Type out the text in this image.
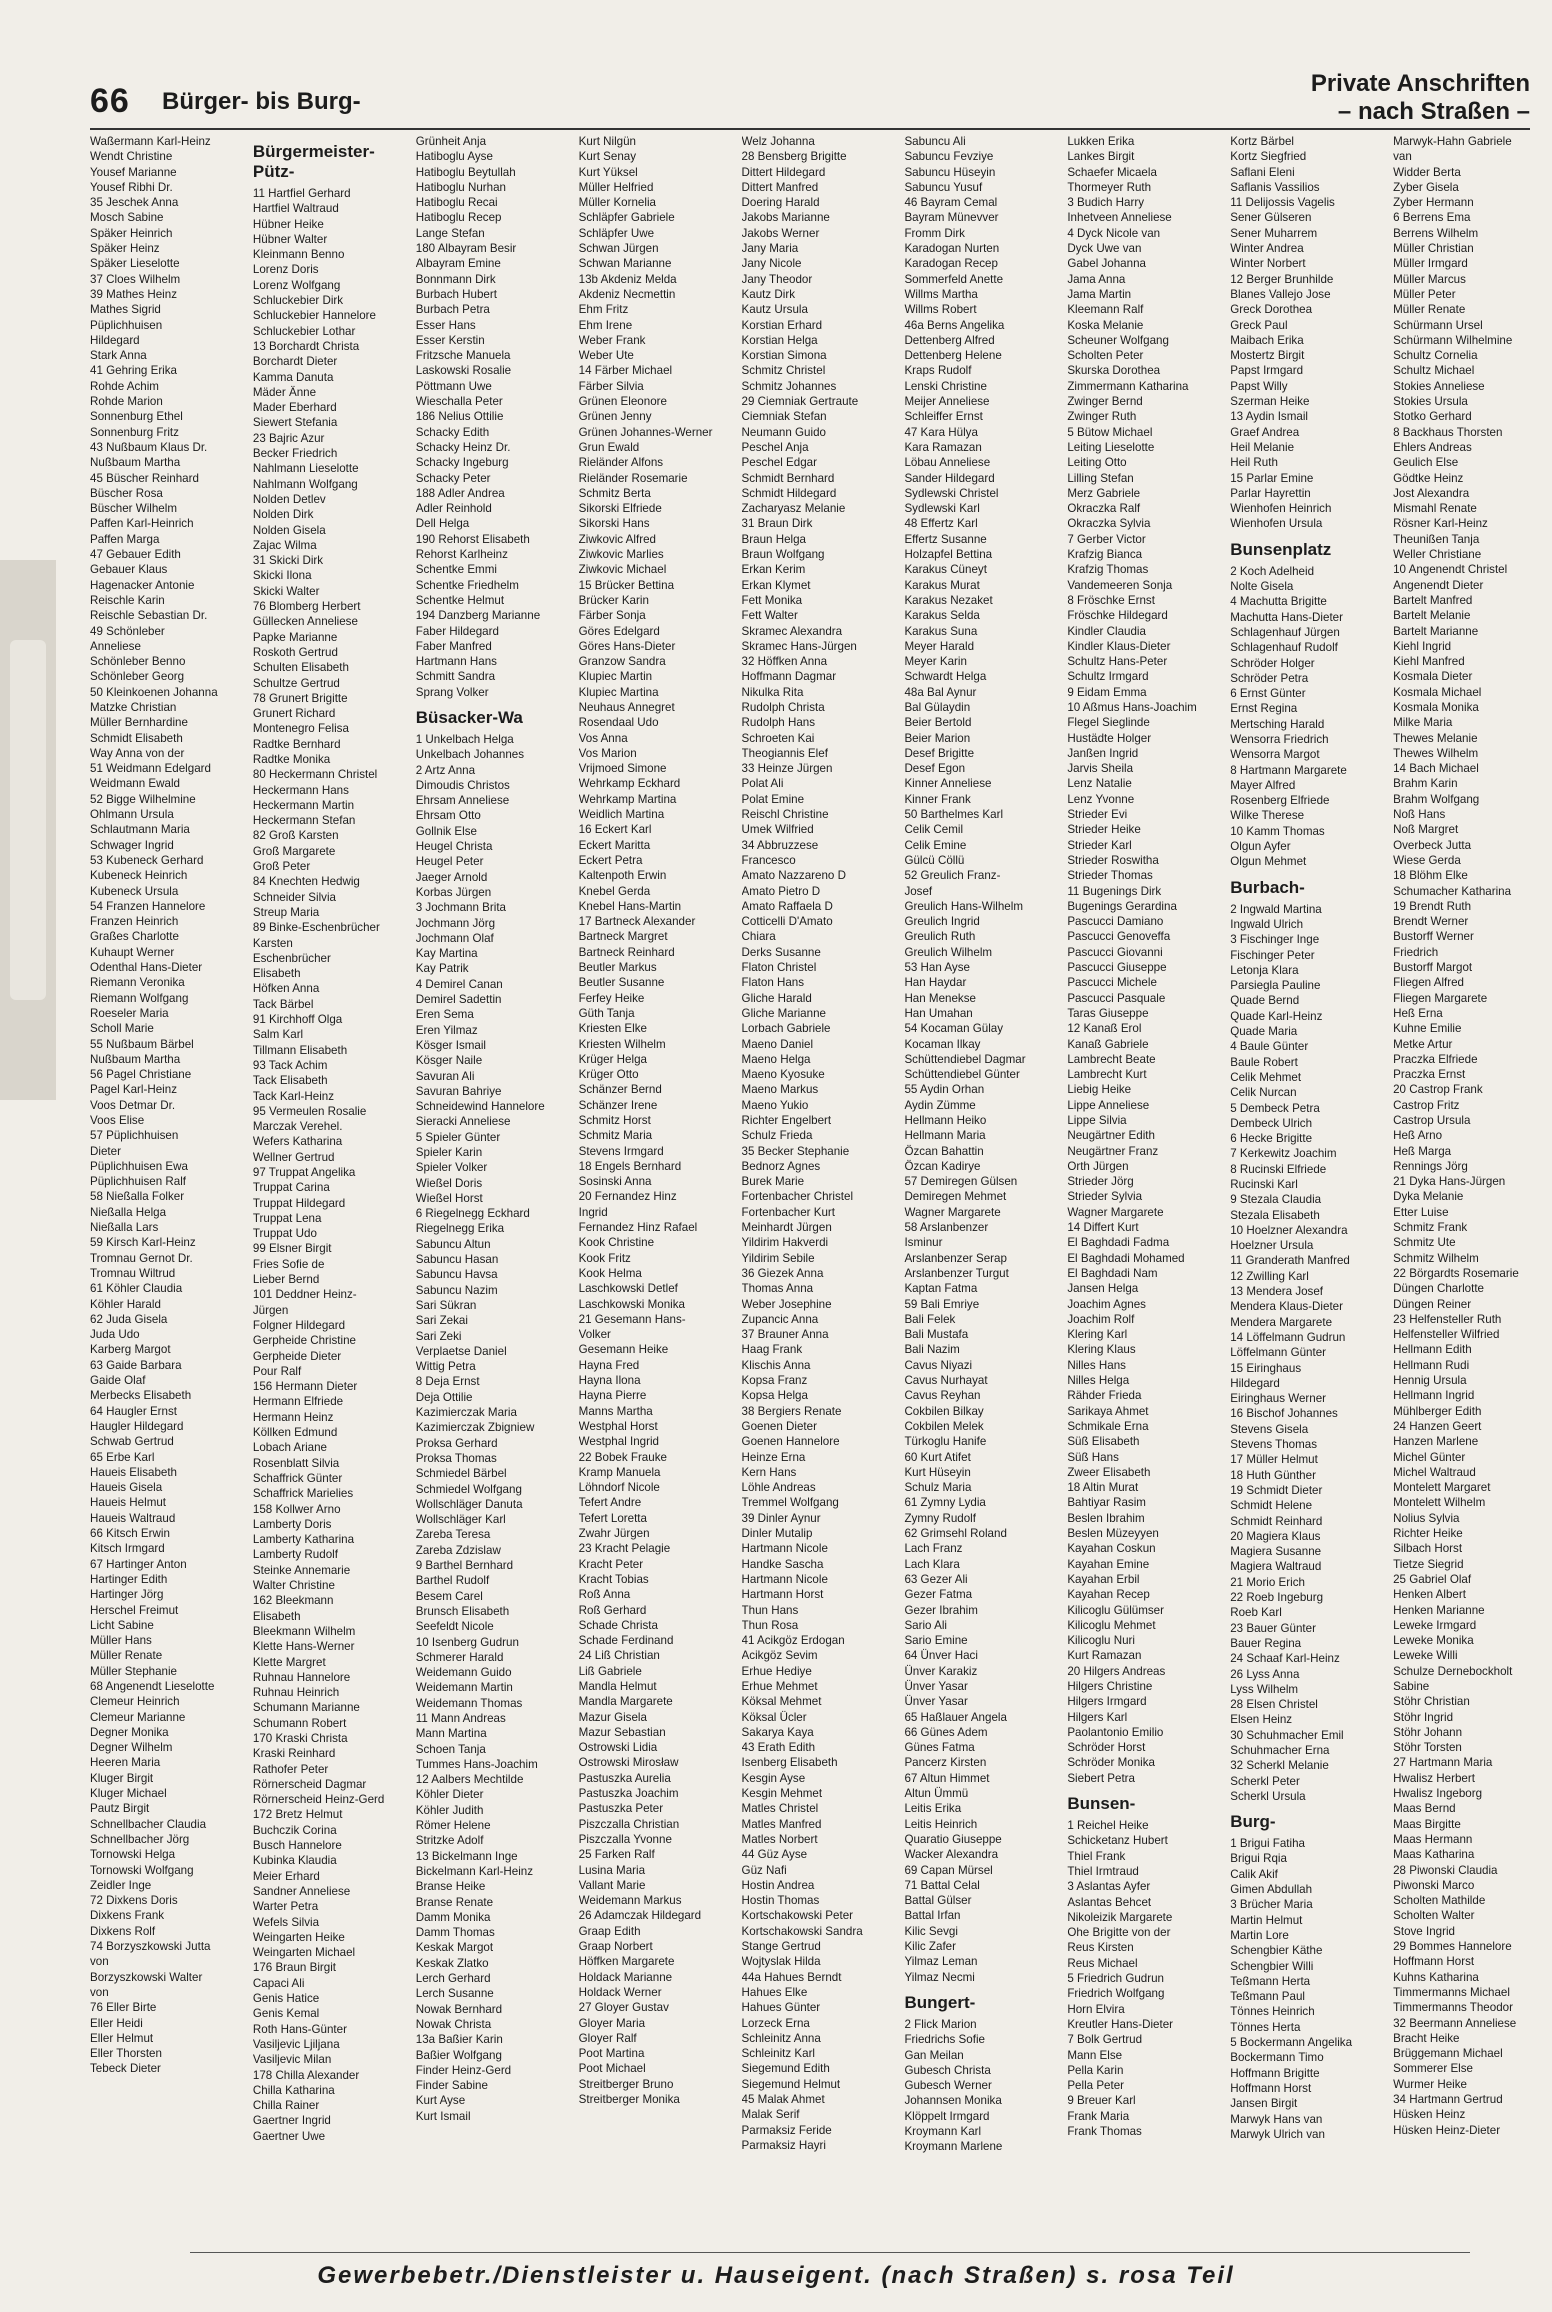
66 Bürger- bis Burg-
Private Anschriften
– nach Straßen –
Waßermann Karl-Heinz
Wendt Christine
Yousef Marianne
Yousef Ribhi Dr.
35 Jeschek Anna
Mosch Sabine
Späker Heinrich
Späker Heinz
Späker Lieselotte
37 Cloes Wilhelm
39 Mathes Heinz
Mathes Sigrid
Püplichhuisen
Hildegard
Stark Anna
41 Gehring Erika
Rohde Achim
Rohde Marion
Sonnenburg Ethel
Sonnenburg Fritz
43 Nußbaum Klaus Dr.
Nußbaum Martha
45 Büscher Reinhard
Büscher Rosa
Büscher Wilhelm
Paffen Karl-Heinrich
Paffen Marga
47 Gebauer Edith
Gebauer Klaus
Hagenacker Antonie
Reischle Karin
Reischle Sebastian Dr.
49 Schönleber
Anneliese
Schönleber Benno
Schönleber Georg
50 Kleinkoenen Johanna
Matzke Christian
Müller Bernhardine
Schmidt Elisabeth
Way Anna von der
51 Weidmann Edelgard
Weidmann Ewald
52 Bigge Wilhelmine
Ohlmann Ursula
Schlautmann Maria
Schwager Ingrid
53 Kubeneck Gerhard
Kubeneck Heinrich
Kubeneck Ursula
54 Franzen Hannelore
Franzen Heinrich
Graßes Charlotte
Kuhaupt Werner
Odenthal Hans-Dieter
Riemann Veronika
Riemann Wolfgang
Roeseler Maria
Scholl Marie
55 Nußbaum Bärbel
Nußbaum Martha
56 Pagel Christiane
Pagel Karl-Heinz
Voos Detmar Dr.
Voos Elise
57 Püplichhuisen
Dieter
Püplichhuisen Ewa
Püplichhuisen Ralf
58 Nießalla Folker
Nießalla Helga
Nießalla Lars
59 Kirsch Karl-Heinz
Tromnau Gernot Dr.
Tromnau Wiltrud
61 Köhler Claudia
Köhler Harald
62 Juda Gisela
Juda Udo
Karberg Margot
63 Gaide Barbara
Gaide Olaf
Merbecks Elisabeth
64 Haugler Ernst
Haugler Hildegard
Schwab Gertrud
65 Erbe Karl
Haueis Elisabeth
Haueis Gisela
Haueis Helmut
Haueis Waltraud
66 Kitsch Erwin
Kitsch Irmgard
67 Hartinger Anton
Hartinger Edith
Hartinger Jörg
Herschel Freimut
Licht Sabine
Müller Hans
Müller Renate
Müller Stephanie
68 Angenendt Lieselotte
Clemeur Heinrich
Clemeur Marianne
Degner Monika
Degner Wilhelm
Heeren Maria
Kluger Birgit
Kluger Michael
Pautz Birgit
Schnellbacher Claudia
Schnellbacher Jörg
Tornowski Helga
Tornowski Wolfgang
Zeidler Inge
72 Dixkens Doris
Dixkens Frank
Dixkens Rolf
74 Borzyszkowski Jutta
von
Borzyszkowski Walter
von
76 Eller Birte
Eller Heidi
Eller Helmut
Eller Thorsten
Tebeck Dieter
Bürgermeister-Pütz-
11 Hartfiel Gerhard
Hartfiel Waltraud
Hübner Heike
Hübner Walter
Kleinmann Benno
Lorenz Doris
Lorenz Wolfgang
Schluckebier Dirk
Schluckebier Hannelore
Schluckebier Lothar
13 Borchardt Christa
Borchardt Dieter
Kamma Danuta
Mäder Änne
Mader Eberhard
Siewert Stefania
23 Bajric Azur
Becker Friedrich
Nahlmann Lieselotte
Nahlmann Wolfgang
Nolden Detlev
Nolden Dirk
Nolden Gisela
Zajac Wilma
31 Skicki Dirk
Skicki Ilona
Skicki Walter
76 Blomberg Herbert
Güllecken Anneliese
Papke Marianne
Roskoth Gertrud
Schulten Elisabeth
Schultze Gertrud
78 Grunert Brigitte
Grunert Richard
Montenegro Felisa
Radtke Bernhard
Radtke Monika
80 Heckermann Christel
Heckermann Hans
Heckermann Martin
Heckermann Stefan
82 Groß Karsten
Groß Margarete
Groß Peter
84 Knechten Hedwig
Schneider Silvia
Streup Maria
89 Binke-Eschenbrücher
Karsten
Eschenbrücher
Elisabeth
Höfken Anna
Tack Bärbel
91 Kirchhoff Olga
Salm Karl
Tillmann Elisabeth
93 Tack Achim
Tack Elisabeth
Tack Karl-Heinz
95 Vermeulen Rosalie
Marczak Verehel.
Wefers Katharina
Wellner Gertrud
97 Truppat Angelika
Truppat Carina
Truppat Hildegard
Truppat Lena
Truppat Udo
99 Elsner Birgit
Fries Sofie de
Lieber Bernd
101 Deddner Heinz-
Jürgen
Folgner Hildegard
Gerpheide Christine
Gerpheide Dieter
Pour Ralf
156 Hermann Dieter
Hermann Elfriede
Hermann Heinz
Köllken Edmund
Lobach Ariane
Rosenblatt Silvia
Schaffrick Günter
Schaffrick Marielies
158 Kollwer Arno
Lamberty Doris
Lamberty Katharina
Lamberty Rudolf
Steinke Annemarie
Walter Christine
162 Bleekmann
Elisabeth
Bleekmann Wilhelm
Klette Hans-Werner
Klette Margret
Ruhnau Hannelore
Ruhnau Heinrich
Schumann Marianne
Schumann Robert
170 Kraski Christa
Kraski Reinhard
Rathofer Peter
Rörnerscheid Dagmar
Rörnerscheid Heinz-Gerd
172 Bretz Helmut
Buchczik Corina
Busch Hannelore
Kubinka Klaudia
Meier Erhard
Sandner Anneliese
Warter Petra
Wefels Silvia
Weingarten Heike
Weingarten Michael
176 Braun Birgit
Capaci Ali
Genis Hatice
Genis Kemal
Roth Hans-Günter
Vasiljevic Ljiljana
Vasiljevic Milan
178 Chilla Alexander
Chilla Katharina
Chilla Rainer
Gaertner Ingrid
Gaertner Uwe
Grünheit Anja
Hatiboglu Ayse
Hatiboglu Beytullah
Hatiboglu Nurhan
Hatiboglu Recai
Hatiboglu Recep
Lange Stefan
180 Albayram Besir
Albayram Emine
Bonnmann Dirk
Burbach Hubert
Burbach Petra
Esser Hans
Esser Kerstin
Fritzsche Manuela
Laskowski Rosalie
Pöttmann Uwe
Wieschalla Peter
186 Nelius Ottilie
Schacky Edith
Schacky Heinz Dr.
Schacky Ingeburg
Schacky Peter
188 Adler Andrea
Adler Reinhold
Dell Helga
190 Rehorst Elisabeth
Rehorst Karlheinz
Schentke Emmi
Schentke Friedhelm
Schentke Helmut
194 Danzberg Marianne
Faber Hildegard
Faber Manfred
Hartmann Hans
Schmitt Sandra
Sprang Volker
Büsacker-Wa
1 Unkelbach Helga
Unkelbach Johannes
2 Artz Anna
Dimoudis Christos
Ehrsam Anneliese
Ehrsam Otto
Gollnik Else
Heugel Christa
Heugel Peter
Jaeger Arnold
Korbas Jürgen
3 Jochmann Brita
Jochmann Jörg
Jochmann Olaf
Kay Martina
Kay Patrik
4 Demirel Canan
Demirel Sadettin
Eren Sema
Eren Yilmaz
Kösger Ismail
Kösger Naile
Savuran Ali
Savuran Bahriye
Schneidewind Hannelore
Sieracki Anneliese
5 Spieler Günter
Spieler Karin
Spieler Volker
Wießel Doris
Wießel Horst
6 Riegelnegg Eckhard
Riegelnegg Erika
Sabuncu Altun
Sabuncu Hasan
Sabuncu Havsa
Sabuncu Nazim
Sari Sükran
Sari Zekai
Sari Zeki
Verplaetse Daniel
Wittig Petra
8 Deja Ernst
Deja Ottilie
Kazimierczak Maria
Kazimierczak Zbigniew
Proksa Gerhard
Proksa Thomas
Schmiedel Bärbel
Schmiedel Wolfgang
Wollschläger Danuta
Wollschläger Karl
Zareba Teresa
Zareba Zdzislaw
9 Barthel Bernhard
Barthel Rudolf
Besem Carel
Brunsch Elisabeth
Seefeldt Nicole
10 Isenberg Gudrun
Schmerer Harald
Weidemann Guido
Weidemann Martin
Weidemann Thomas
11 Mann Andreas
Mann Martina
Schoen Tanja
Tummes Hans-Joachim
12 Aalbers Mechtilde
Köhler Dieter
Köhler Judith
Römer Helene
Stritzke Adolf
13 Bickelmann Inge
Bickelmann Karl-Heinz
Branse Heike
Branse Renate
Damm Monika
Damm Thomas
Keskak Margot
Keskak Zlatko
Lerch Gerhard
Lerch Susanne
Nowak Bernhard
Nowak Christa
13a Baßier Karin
Baßier Wolfgang
Finder Heinz-Gerd
Finder Sabine
Kurt Ayse
Kurt Ismail
Kurt Nilgün
Kurt Senay
Kurt Yüksel
Müller Helfried
Müller Kornelia
Schläpfer Gabriele
Schläpfer Uwe
Schwan Jürgen
Schwan Marianne
13b Akdeniz Melda
Akdeniz Necmettin
Ehm Fritz
Ehm Irene
Weber Frank
Weber Ute
14 Färber Michael
Färber Silvia
Grünen Eleonore
Grünen Jenny
Grünen Johannes-Werner
Grun Ewald
Rieländer Alfons
Rieländer Rosemarie
Schmitz Berta
Sikorski Elfriede
Sikorski Hans
Ziwkovic Alfred
Ziwkovic Marlies
Ziwkovic Michael
15 Brücker Bettina
Brücker Karin
Färber Sonja
Göres Edelgard
Göres Hans-Dieter
Granzow Sandra
Klupiec Martin
Klupiec Martina
Neuhaus Annegret
Rosendaal Udo
Vos Anna
Vos Marion
Vrijmoed Simone
Wehrkamp Eckhard
Wehrkamp Martina
Weidlich Martina
16 Eckert Karl
Eckert Maritta
Eckert Petra
Kaltenpoth Erwin
Knebel Gerda
Knebel Hans-Martin
17 Bartneck Alexander
Bartneck Margret
Bartneck Reinhard
Beutler Markus
Beutler Susanne
Ferfey Heike
Güth Tanja
Kriesten Elke
Kriesten Wilhelm
Krüger Helga
Krüger Otto
Schänzer Bernd
Schänzer Irene
Schmitz Horst
Schmitz Maria
Stevens Irmgard
18 Engels Bernhard
Sosinski Anna
20 Fernandez Hinz
Ingrid
Fernandez Hinz Rafael
Kook Christine
Kook Fritz
Kook Helma
Laschkowski Detlef
Laschkowski Monika
21 Gesemann Hans-
Volker
Gesemann Heike
Hayna Fred
Hayna Ilona
Hayna Pierre
Manns Martha
Westphal Horst
Westphal Ingrid
22 Bobek Frauke
Kramp Manuela
Löhndorf Nicole
Tefert Andre
Tefert Loretta
Zwahr Jürgen
23 Kracht Pelagie
Kracht Peter
Kracht Tobias
Roß Anna
Roß Gerhard
Schade Christa
Schade Ferdinand
24 Liß Christian
Liß Gabriele
Mandla Helmut
Mandla Margarete
Mazur Gisela
Mazur Sebastian
Ostrowski Lidia
Ostrowski Mirosław
Pastuszka Aurelia
Pastuszka Joachim
Pastuszka Peter
Piszczalla Christian
Piszczalla Yvonne
25 Farken Ralf
Lusina Maria
Vallant Marie
Weidemann Markus
26 Adamczak Hildegard
Graap Edith
Graap Norbert
Höffken Margarete
Holdack Marianne
Holdack Werner
27 Gloyer Gustav
Gloyer Maria
Gloyer Ralf
Poot Martina
Poot Michael
Streitberger Bruno
Streitberger Monika
Welz Johanna
28 Bensberg Brigitte
Dittert Hildegard
Dittert Manfred
Doering Harald
Jakobs Marianne
Jakobs Werner
Jany Maria
Jany Nicole
Jany Theodor
Kautz Dirk
Kautz Ursula
Korstian Erhard
Korstian Helga
Korstian Simona
Schmitz Christel
Schmitz Johannes
29 Ciemniak Gertraute
Ciemniak Stefan
Neumann Guido
Peschel Anja
Peschel Edgar
Schmidt Bernhard
Schmidt Hildegard
Zacharyasz Melanie
31 Braun Dirk
Braun Helga
Braun Wolfgang
Erkan Kerim
Erkan Klymet
Fett Monika
Fett Walter
Skramec Alexandra
Skramec Hans-Jürgen
32 Höffken Anna
Hoffmann Dagmar
Nikulka Rita
Rudolph Christa
Rudolph Hans
Schroeten Kai
Theogiannis Elef
33 Heinze Jürgen
Polat Ali
Polat Emine
Reischl Christine
Umek Wilfried
34 Abbruzzese
Francesco
Amato Nazzareno D
Amato Pietro D
Amato Raffaela D
Cotticelli D'Amato
Chiara
Derks Susanne
Flaton Christel
Flaton Hans
Gliche Harald
Gliche Marianne
Lorbach Gabriele
Maeno Daniel
Maeno Helga
Maeno Kyosuke
Maeno Markus
Maeno Yukio
Richter Engelbert
Schulz Frieda
35 Becker Stephanie
Bednorz Agnes
Burek Marie
Fortenbacher Christel
Fortenbacher Kurt
Meinhardt Jürgen
Yildirim Hakverdi
Yildirim Sebile
36 Giezek Anna
Thomas Anna
Weber Josephine
Zupancic Anna
37 Brauner Anna
Haag Frank
Klischis Anna
Kopsa Franz
Kopsa Helga
38 Bergiers Renate
Goenen Dieter
Goenen Hannelore
Heinze Erna
Kern Hans
Löhle Andreas
Tremmel Wolfgang
39 Dinler Aynur
Dinler Mutalip
Hartmann Nicole
Handke Sascha
Hartmann Nicole
Hartmann Horst
Thun Hans
Thun Rosa
41 Acikgöz Erdogan
Acikgöz Sevim
Erhue Hediye
Erhue Mehmet
Köksal Mehmet
Köksal Ücler
Sakarya Kaya
43 Erath Edith
Isenberg Elisabeth
Kesgin Ayse
Kesgin Mehmet
Matles Christel
Matles Manfred
Matles Norbert
44 Güz Ayse
Güz Nafi
Hostin Andrea
Hostin Thomas
Kortschakowski Peter
Kortschakowski Sandra
Stange Gertrud
Wojtyslak Hilda
44a Hahues Berndt
Hahues Elke
Hahues Günter
Lorzeck Erna
Schleinitz Anna
Schleinitz Karl
Siegemund Edith
Siegemund Helmut
45 Malak Ahmet
Malak Serif
Parmaksiz Feride
Parmaksiz Hayri
Sabuncu Ali
Sabuncu Fevziye
Sabuncu Hüseyin
Sabuncu Yusuf
46 Bayram Cemal
Bayram Münevver
Fromm Dirk
Karadogan Nurten
Karadogan Recep
Sommerfeld Anette
Willms Martha
Willms Robert
46a Berns Angelika
Dettenberg Alfred
Dettenberg Helene
Kraps Rudolf
Lenski Christine
Meijer Anneliese
Schleiffer Ernst
47 Kara Hülya
Kara Ramazan
Löbau Anneliese
Sander Hildegard
Sydlewski Christel
Sydlewski Karl
48 Effertz Karl
Effertz Susanne
Holzapfel Bettina
Karakus Cüneyt
Karakus Murat
Karakus Nezaket
Karakus Selda
Karakus Suna
Meyer Harald
Meyer Karin
Schwardt Helga
48a Bal Aynur
Bal Gülaydin
Beier Bertold
Beier Marion
Desef Brigitte
Desef Egon
Kinner Anneliese
Kinner Frank
50 Barthelmes Karl
Celik Cemil
Celik Emine
Gülcü Cöllü
52 Greulich Franz-
Josef
Greulich Hans-Wilhelm
Greulich Ingrid
Greulich Ruth
Greulich Wilhelm
53 Han Ayse
Han Haydar
Han Menekse
Han Umahan
54 Kocaman Gülay
Kocaman Ilkay
Schüttendiebel Dagmar
Schüttendiebel Günter
55 Aydin Orhan
Aydin Zümme
Hellmann Heiko
Hellmann Maria
Özcan Bahattin
Özcan Kadirye
57 Demiregen Gülsen
Demiregen Mehmet
Wagner Margarete
58 Arslanbenzer
Isminur
Arslanbenzer Serap
Arslanbenzer Turgut
Kaptan Fatma
59 Bali Emriye
Bali Felek
Bali Mustafa
Bali Nazim
Cavus Niyazi
Cavus Nurhayat
Cavus Reyhan
Cokbilen Bilkay
Cokbilen Melek
Türkoglu Hanife
60 Kurt Atifet
Kurt Hüseyin
Schulz Maria
61 Zymny Lydia
Zymny Rudolf
62 Grimsehl Roland
Lach Franz
Lach Klara
63 Gezer Ali
Gezer Fatma
Gezer Ibrahim
Sario Ali
Sario Emine
64 Ünver Haci
Ünver Karakiz
Ünver Yasar
Ünver Yasar
65 Haßlauer Angela
66 Günes Adem
Günes Fatma
Pancerz Kirsten
67 Altun Himmet
Altun Ümmü
Leitis Erika
Leitis Heinrich
Quaratio Giuseppe
Wacker Alexandra
69 Capan Mürsel
71 Battal Celal
Battal Gülser
Battal Irfan
Kilic Sevgi
Kilic Zafer
Yilmaz Leman
Yilmaz Necmi
Bungert-
2 Flick Marion
Friedrichs Sofie
Gan Meilan
Gubesch Christa
Gubesch Werner
Johannsen Monika
Klöppelt Irmgard
Kroymann Karl
Kroymann Marlene
Lukken Erika
Lankes Birgit
Schaefer Micaela
Thormeyer Ruth
3 Budich Harry
Inhetveen Anneliese
4 Dyck Nicole van
Dyck Uwe van
Gabel Johanna
Jama Anna
Jama Martin
Kleemann Ralf
Koska Melanie
Scheuner Wolfgang
Scholten Peter
Skurska Dorothea
Zimmermann Katharina
Zwinger Bernd
Zwinger Ruth
5 Bütow Michael
Leiting Lieselotte
Leiting Otto
Lilling Stefan
Merz Gabriele
Okraczka Ralf
Okraczka Sylvia
7 Gerber Victor
Krafzig Bianca
Krafzig Thomas
Vandemeeren Sonja
8 Fröschke Ernst
Fröschke Hildegard
Kindler Claudia
Kindler Klaus-Dieter
Schultz Hans-Peter
Schultz Irmgard
9 Eidam Emma
10 Aßmus Hans-Joachim
Flegel Sieglinde
Hustädte Holger
Janßen Ingrid
Jarvis Sheila
Lenz Natalie
Lenz Yvonne
Strieder Evi
Strieder Heike
Strieder Karl
Strieder Roswitha
Strieder Thomas
11 Bugenings Dirk
Bugenings Gerardina
Pascucci Damiano
Pascucci Genoveffa
Pascucci Giovanni
Pascucci Giuseppe
Pascucci Michele
Pascucci Pasquale
Taras Giuseppe
12 Kanaß Erol
Kanaß Gabriele
Lambrecht Beate
Lambrecht Kurt
Liebig Heike
Lippe Anneliese
Lippe Silvia
Neugärtner Edith
Neugärtner Franz
Orth Jürgen
Strieder Jörg
Strieder Sylvia
Wagner Margarete
14 Differt Kurt
El Baghdadi Fadma
El Baghdadi Mohamed
El Baghdadi Nam
Jansen Helga
Joachim Agnes
Joachim Rolf
Klering Karl
Klering Klaus
Nilles Hans
Nilles Helga
Rähder Frieda
Sarikaya Ahmet
Schmikale Erna
Süß Elisabeth
Süß Hans
Zweer Elisabeth
18 Altin Murat
Bahtiyar Rasim
Beslen Ibrahim
Beslen Müzeyyen
Kayahan Coskun
Kayahan Emine
Kayahan Erbil
Kayahan Recep
Kilicoglu Gülümser
Kilicoglu Mehmet
Kilicoglu Nuri
Kurt Ramazan
20 Hilgers Andreas
Hilgers Christine
Hilgers Irmgard
Hilgers Karl
Paolantonio Emilio
Schröder Horst
Schröder Monika
Siebert Petra
Bunsen-
1 Reichel Heike
Schicketanz Hubert
Thiel Frank
Thiel Irmtraud
3 Aslantas Ayfer
Aslantas Behcet
Nikoleizik Margarete
Ohe Brigitte von der
Reus Kirsten
Reus Michael
5 Friedrich Gudrun
Friedrich Wolfgang
Horn Elvira
Kreutler Hans-Dieter
7 Bolk Gertrud
Mann Else
Pella Karin
Pella Peter
9 Breuer Karl
Frank Maria
Frank Thomas
Kortz Bärbel
Kortz Siegfried
Saflani Eleni
Saflanis Vassilios
11 Delijossis Vagelis
Sener Gülseren
Sener Muharrem
Winter Andrea
Winter Norbert
12 Berger Brunhilde
Blanes Vallejo Jose
Greck Dorothea
Greck Paul
Maibach Erika
Mostertz Birgit
Papst Irmgard
Papst Willy
Szerman Heike
13 Aydin Ismail
Graef Andrea
Heil Melanie
Heil Ruth
15 Parlar Emine
Parlar Hayrettin
Wienhofen Heinrich
Wienhofen Ursula
Bunsenplatz
2 Koch Adelheid
Nolte Gisela
4 Machutta Brigitte
Machutta Hans-Dieter
Schlagenhauf Jürgen
Schlagenhauf Rudolf
Schröder Holger
Schröder Petra
6 Ernst Günter
Ernst Regina
Mertsching Harald
Wensorra Friedrich
Wensorra Margot
8 Hartmann Margarete
Mayer Alfred
Rosenberg Elfriede
Wilke Therese
10 Kamm Thomas
Olgun Ayfer
Olgun Mehmet
Burbach-
2 Ingwald Martina
Ingwald Ulrich
3 Fischinger Inge
Fischinger Peter
Letonja Klara
Parsiegla Pauline
Quade Bernd
Quade Karl-Heinz
Quade Maria
4 Baule Günter
Baule Robert
Celik Mehmet
Celik Nurcan
5 Dembeck Petra
Dembeck Ulrich
6 Hecke Brigitte
7 Kerkewitz Joachim
8 Rucinski Elfriede
Rucinski Karl
9 Stezala Claudia
Stezala Elisabeth
10 Hoelzner Alexandra
Hoelzner Ursula
11 Granderath Manfred
12 Zwilling Karl
13 Mendera Josef
Mendera Klaus-Dieter
Mendera Margarete
14 Löffelmann Gudrun
Löffelmann Günter
15 Eiringhaus
Hildegard
Eiringhaus Werner
16 Bischof Johannes
Stevens Gisela
Stevens Thomas
17 Müller Helmut
18 Huth Günther
19 Schmidt Dieter
Schmidt Helene
Schmidt Reinhard
20 Magiera Klaus
Magiera Susanne
Magiera Waltraud
21 Morio Erich
22 Roeb Ingeburg
Roeb Karl
23 Bauer Günter
Bauer Regina
24 Schaaf Karl-Heinz
26 Lyss Anna
Lyss Wilhelm
28 Elsen Christel
Elsen Heinz
30 Schuhmacher Emil
Schuhmacher Erna
32 Scherkl Melanie
Scherkl Peter
Scherkl Ursula
Burg-
1 Brigui Fatiha
Brigui Rqia
Calik Akif
Gimen Abdullah
3 Brücher Maria
Martin Helmut
Martin Lore
Schengbier Käthe
Schengbier Willi
Teßmann Herta
Teßmann Paul
Tönnes Heinrich
Tönnes Herta
5 Bockermann Angelika
Bockermann Timo
Hoffmann Brigitte
Hoffmann Horst
Jansen Birgit
Marwyk Hans van
Marwyk Ulrich van
Marwyk-Hahn Gabriele
van
Widder Berta
Zyber Gisela
Zyber Hermann
6 Berrens Ema
Berrens Wilhelm
Müller Christian
Müller Irmgard
Müller Marcus
Müller Peter
Müller Renate
Schürmann Ursel
Schürmann Wilhelmine
Schultz Cornelia
Schultz Michael
Stokies Anneliese
Stokies Ursula
Stotko Gerhard
8 Backhaus Thorsten
Ehlers Andreas
Geulich Else
Gödtke Heinz
Jost Alexandra
Mismahl Renate
Rösner Karl-Heinz
Theunißen Tanja
Weller Christiane
10 Angenendt Christel
Angenendt Dieter
Bartelt Manfred
Bartelt Melanie
Bartelt Marianne
Kiehl Ingrid
Kiehl Manfred
Kosmala Dieter
Kosmala Michael
Kosmala Monika
Milke Maria
Thewes Melanie
Thewes Wilhelm
14 Bach Michael
Brahm Karin
Brahm Wolfgang
Noß Hans
Noß Margret
Overbeck Jutta
Wiese Gerda
18 Blöhm Elke
Schumacher Katharina
19 Brendt Ruth
Brendt Werner
Bustorff Werner
Friedrich
Bustorff Margot
Fliegen Alfred
Fliegen Margarete
Heß Erna
Kuhne Emilie
Metke Artur
Praczka Elfriede
Praczka Ernst
20 Castrop Frank
Castrop Fritz
Castrop Ursula
Heß Arno
Heß Marga
Rennings Jörg
21 Dyka Hans-Jürgen
Dyka Melanie
Etter Luise
Schmitz Frank
Schmitz Ute
Schmitz Wilhelm
22 Börgardts Rosemarie
Düngen Charlotte
Düngen Reiner
23 Helfensteller Ruth
Helfensteller Wilfried
Hellmann Edith
Hellmann Rudi
Hennig Ursula
Hellmann Ingrid
Mühlberger Edith
24 Hanzen Geert
Hanzen Marlene
Michel Günter
Michel Waltraud
Montelett Margaret
Montelett Wilhelm
Nolius Sylvia
Richter Heike
Silbach Horst
Tietze Siegrid
25 Gabriel Olaf
Henken Albert
Henken Marianne
Leweke Irmgard
Leweke Monika
Leweke Willi
Schulze Dernebockholt
Sabine
Stöhr Christian
Stöhr Ingrid
Stöhr Johann
Stöhr Torsten
27 Hartmann Maria
Hwalisz Herbert
Hwalisz Ingeborg
Maas Bernd
Maas Birgitte
Maas Hermann
Maas Katharina
28 Piwonski Claudia
Piwonski Marco
Scholten Mathilde
Scholten Walter
Stove Ingrid
29 Bommes Hannelore
Hoffmann Horst
Kuhns Katharina
Timmermanns Michael
Timmermanns Theodor
32 Beermann Anneliese
Bracht Heike
Brüggemann Michael
Sommerer Else
Wurmer Heike
34 Hartmann Gertrud
Hüsken Heinz
Hüsken Heinz-Dieter
Gewerbebetr./Dienstleister u. Hauseigent. (nach Straßen) s. rosa Teil
